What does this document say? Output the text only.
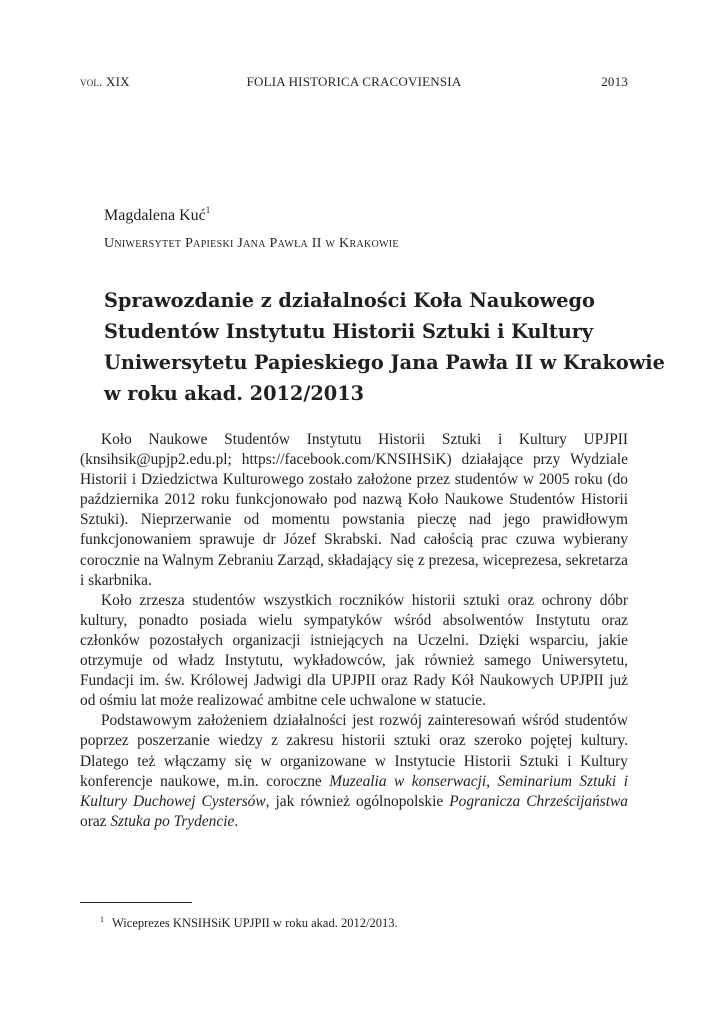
vol. XIX	FOLIA HISTORICA CRACOVIENSIA	2013
Magdalena Kuć$^1$
Uniwersytet Papieski Jana Pawła II w Krakowie
Sprawozdanie z działalności Koła Naukowego
Studentów Instytutu Historii Sztuki i Kultury
Uniwersytetu Papieskiego Jana Pawła II w Krakowie
w roku akad. 2012/2013

Koło Naukowe Studentów Instytutu Historii Sztuki i Kultury UPJPII (knsihsik@upjp2.edu.pl; https://facebook.com/KNSIHSiK) działające przy Wydziale Historii i Dziedzictwa Kulturowego zostało założone przez studentów w 2005 roku (do października 2012 roku funkcjonowało pod nazwą Koło Naukowe Studentów Historii Sztuki). Nieprzerwanie od momentu powstania pieczę nad jego prawidłowym funkcjonowaniem sprawuje dr Józef Skrabski. Nad całością prac czuwa wybierany corocznie na Walnym Zebraniu Zarząd, składający się z prezesa, wiceprezesa, sekretarza i skarbnika.

Koło zrzesza studentów wszystkich roczników historii sztuki oraz ochrony dóbr kultury, ponadto posiada wielu sympatyków wśród absolwentów Instytutu oraz członków pozostałych organizacji istniejących na Uczelni. Dzięki wsparciu, jakie otrzymuje od władz Instytutu, wykładowców, jak również samego Uniwersytetu, Fundacji im. św. Królowej Jadwigi dla UPJPII oraz Rady Kół Naukowych UPJPII już od ośmiu lat może realizować ambitne cele uchwalone w statucie.

Podstawowym założeniem działalności jest rozwój zainteresowań wśród studentów poprzez poszerzanie wiedzy z zakresu historii sztuki oraz szeroko pojętej kultury. Dlatego też włączamy się w organizowane w Instytucie Historii Sztuki i Kultury konferencje naukowe, m.in. coroczne Muzealia w konserwacji, Seminarium Sztuki i Kultury Duchowej Cystersów, jak również ogólnopolskie Pogranicza Chrześcijaństwa oraz Sztuka po Trydencie.

$^1$ Wiceprezes KNSIHSiK UPJPII w roku akad. 2012/2013.
